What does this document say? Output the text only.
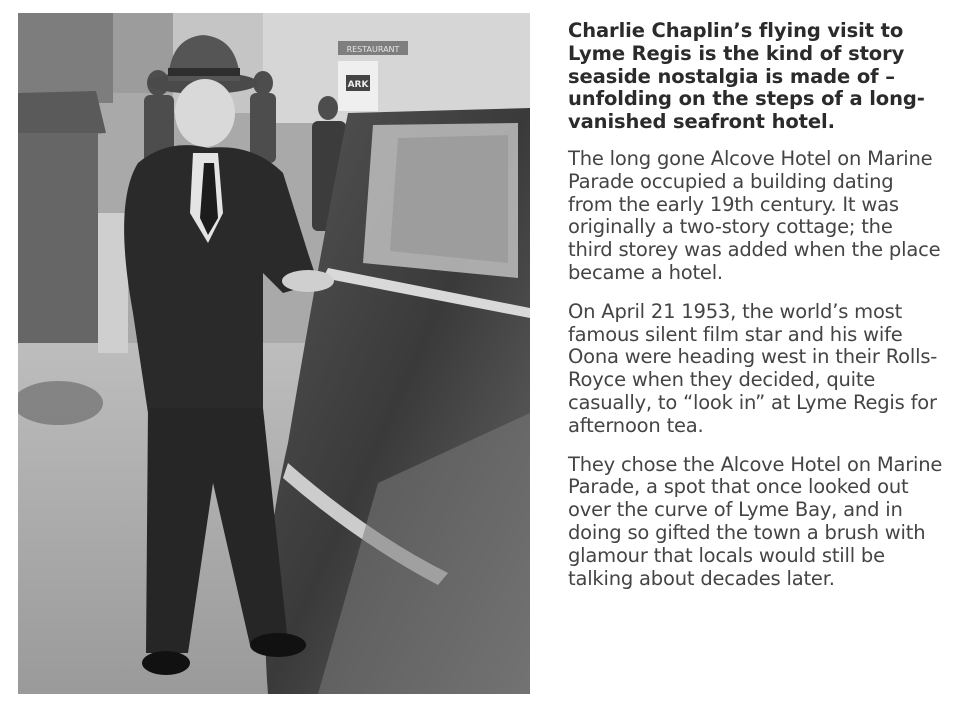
RESTAURANT
ARK
Charlie Chaplin’s flying visit to Lyme Regis is the kind of story seaside nostalgia is made of – unfolding on the steps of a long-vanished seafront hotel.

The long gone Alcove Hotel on Marine Parade occupied a building dating from the early 19th century. It was originally a two-story cottage; the third storey was added when the place became a hotel.

On April 21 1953, the world’s most famous silent film star and his wife Oona were heading west in their Rolls-Royce when they decided, quite casually, to “look in” at Lyme Regis for afternoon tea.

They chose the Alcove Hotel on Marine Parade, a spot that once looked out over the curve of Lyme Bay, and in doing so gifted the town a brush with glamour that locals would still be talking about decades later.
